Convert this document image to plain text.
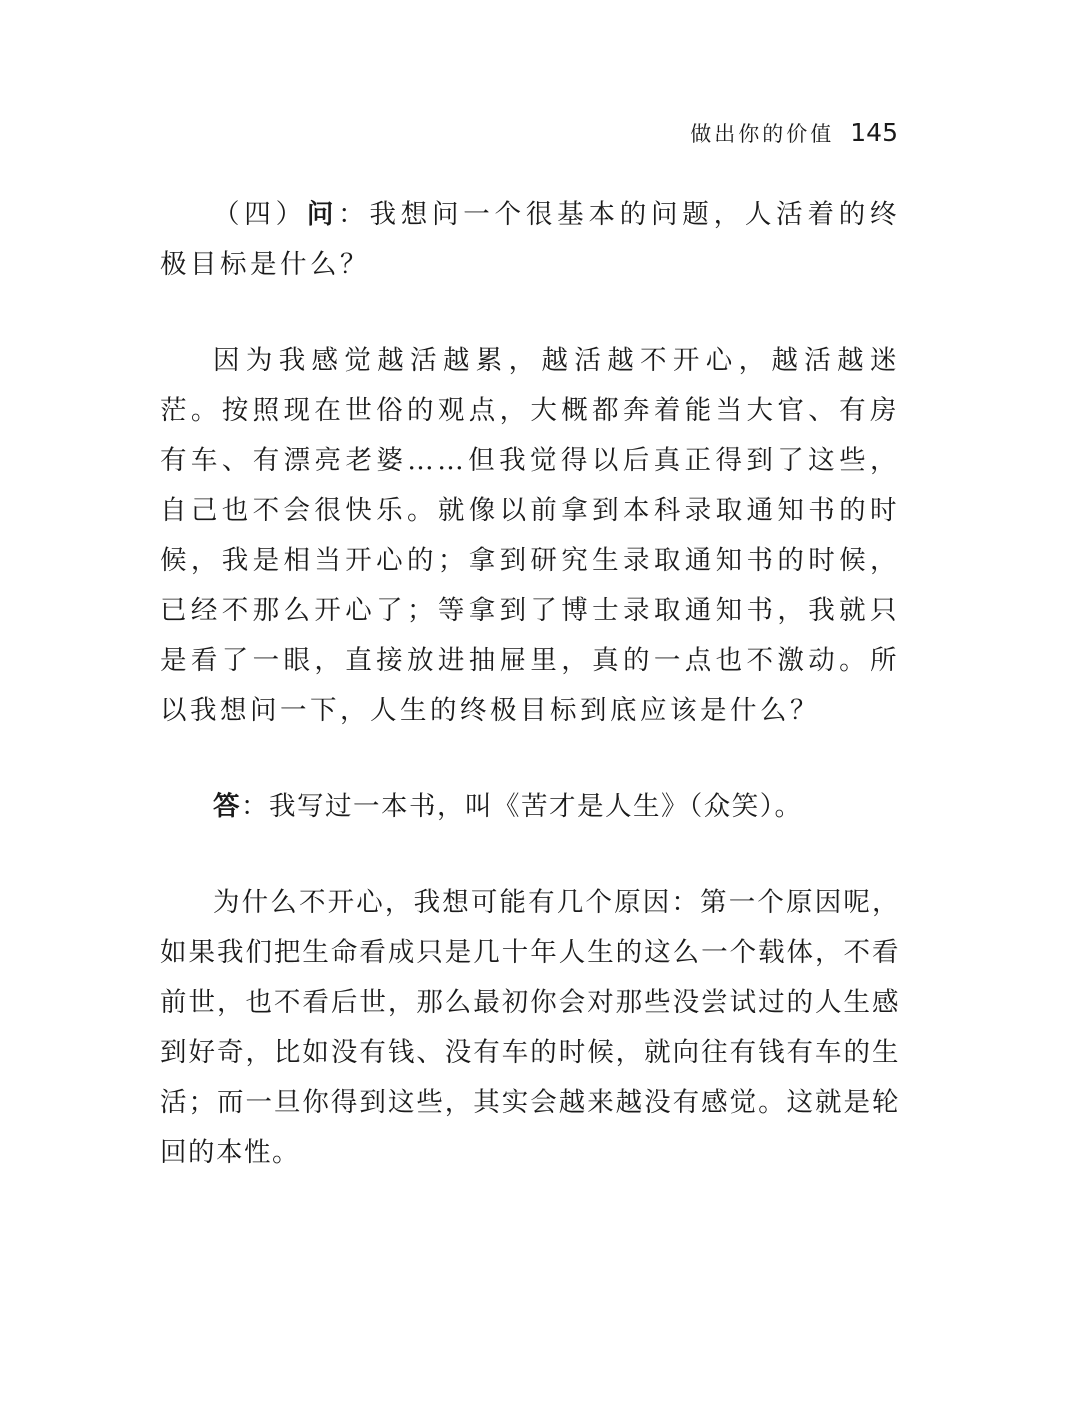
做出你的价值 145

（四）问：我想问一个很基本的问题，人活着的终极目标是什么？

因为我感觉越活越累，越活越不开心，越活越迷茫。按照现在世俗的观点，大概都奔着能当大官、有房有车、有漂亮老婆……但我觉得以后真正得到了这些，自己也不会很快乐。就像以前拿到本科录取通知书的时候，我是相当开心的；拿到研究生录取通知书的时候，已经不那么开心了；等拿到了博士录取通知书，我就只是看了一眼，直接放进抽屉里，真的一点也不激动。所以我想问一下，人生的终极目标到底应该是什么？

答：我写过一本书，叫《苦才是人生》（众笑）。

为什么不开心，我想可能有几个原因：第一个原因呢，如果我们把生命看成只是几十年人生的这么一个载体，不看前世，也不看后世，那么最初你会对那些没尝试过的人生感到好奇，比如没有钱、没有车的时候，就向往有钱有车的生活；而一旦你得到这些，其实会越来越没有感觉。这就是轮回的本性。
